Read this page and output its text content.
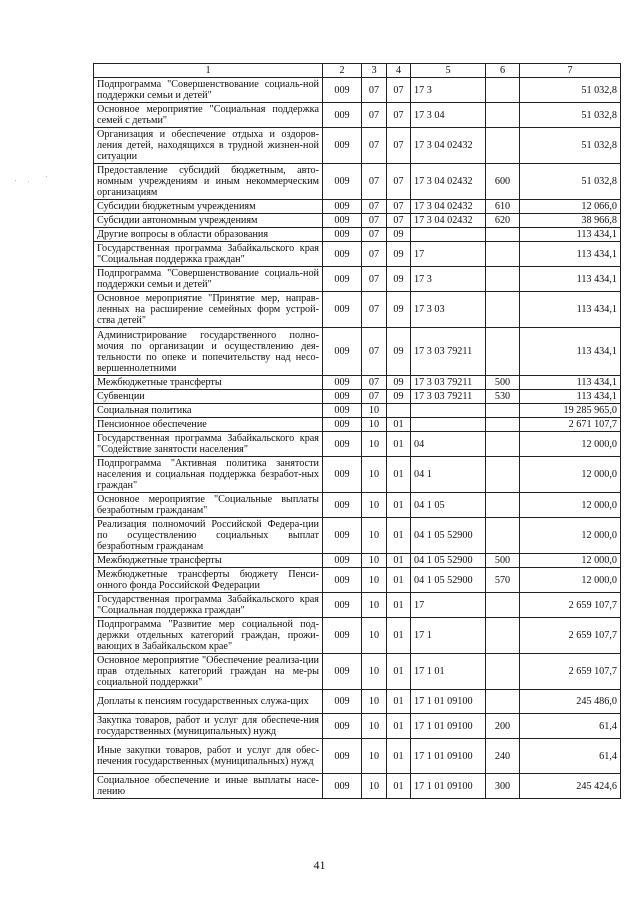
1	2	3	4	5	6	7
Подпрограмма "Совершенствование социаль-ной поддержки семьи и детей"	009	07	07	17 3		51 032,8
Основное мероприятие "Социальная поддержка семей с детьми"	009	07	07	17 3 04		51 032,8
Организация и обеспечение отдыха и оздоров-ления детей, находящихся в трудной жизнен-ной ситуации	009	07	07	17 3 04 02432		51 032,8
Предоставление субсидий бюджетным, авто-номным учреждениям и иным некоммерческим организациям	009	07	07	17 3 04 02432	600	51 032,8
Субсидии бюджетным учреждениям	009	07	07	17 3 04 02432	610	12 066,0
Субсидии автономным учреждениям	009	07	07	17 3 04 02432	620	38 966,8
Другие вопросы в области образования	009	07	09			113 434,1
Государственная программа Забайкальского края "Социальная поддержка граждан"	009	07	09	17		113 434,1
Подпрограмма "Совершенствование социаль-ной поддержки семьи и детей"	009	07	09	17 3		113 434,1
Основное мероприятие "Принятие мер, направ-ленных на расширение семейных форм устрой-ства детей"	009	07	09	17 3 03		113 434,1
Администрирование государственного полно-мочия по организации и осуществлению дея-тельности по опеке и попечительству над несо-вершеннолетними	009	07	09	17 3 03 79211		113 434,1
Межбюджетные трансферты	009	07	09	17 3 03 79211	500	113 434,1
Субвенции	009	07	09	17 3 03 79211	530	113 434,1
Социальная политика	009	10				19 285 965,0
Пенсионное обеспечение	009	10	01			2 671 107,7
Государственная программа Забайкальского края "Содействие занятости населения"	009	10	01	04		12 000,0
Подпрограмма "Активная политика занятости населения и социальная поддержка безработ-ных граждан"	009	10	01	04 1		12 000,0
Основное мероприятие "Социальные выплаты безработным гражданам"	009	10	01	04 1 05		12 000,0
Реализация полномочий Российской Федера-ции по осуществлению социальных выплат безработным гражданам	009	10	01	04 1 05 52900		12 000,0
Межбюджетные трансферты	009	10	01	04 1 05 52900	500	12 000,0
Межбюджетные трансферты бюджету Пенси-онного фонда Российской Федерации	009	10	01	04 1 05 52900	570	12 000,0
Государственная программа Забайкальского края "Социальная поддержка граждан"	009	10	01	17		2 659 107,7
Подпрограмма "Развитие мер социальной под-держки отдельных категорий граждан, прожи-вающих в Забайкальском крае"	009	10	01	17 1		2 659 107,7
Основное мероприятие "Обеспечение реализа-ции прав отдельных категорий граждан на ме-ры социальной поддержки"	009	10	01	17 1 01		2 659 107,7
Доплаты к пенсиям государственных служа-щих	009	10	01	17 1 01 09100		245 486,0
Закупка товаров, работ и услуг для обеспече-ния государственных (муниципальных) нужд	009	10	01	17 1 01 09100	200	61,4
Иные закупки товаров, работ и услуг для обес-печения государственных (муниципальных) нужд	009	10	01	17 1 01 09100	240	61,4
Социальное обеспечение и иные выплаты насе-лению	009	10	01	17 1 01 09100	300	245 424,6
41
